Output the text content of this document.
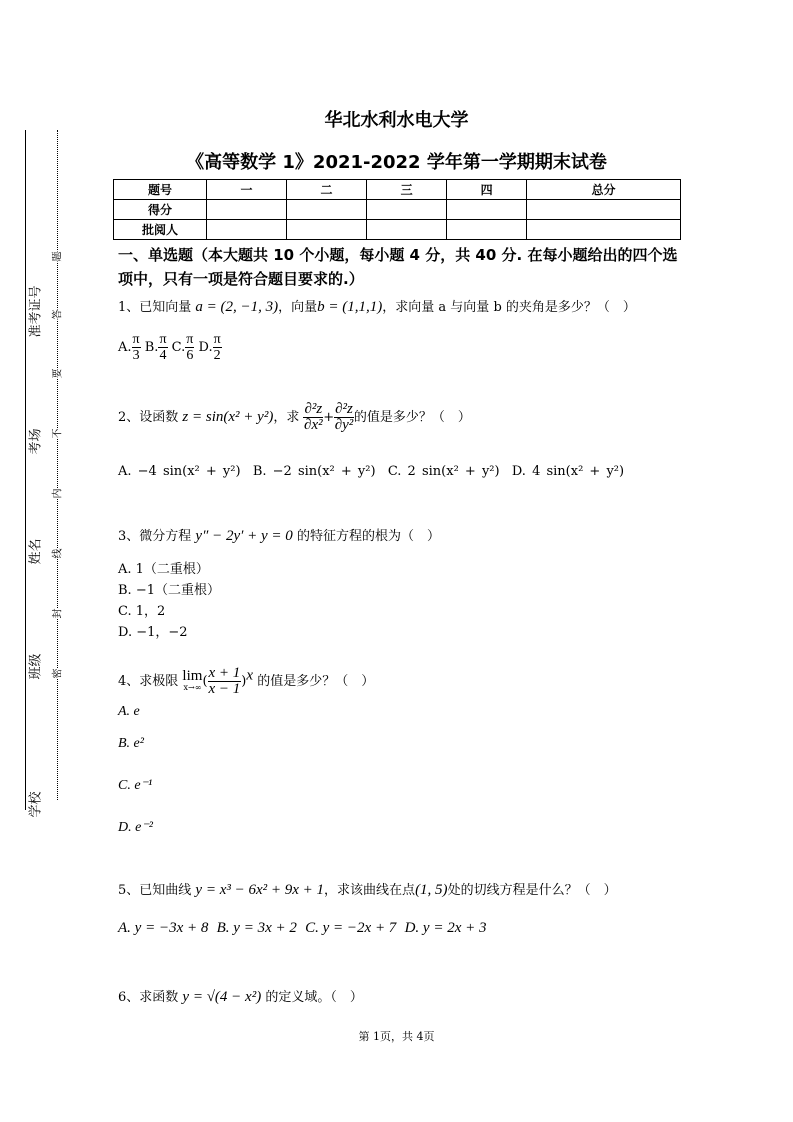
准考证号
考场
姓名
班级
学校
题
答
要
不
内
线
封
密
华北水利水电大学
《高等数学 1》2021-2022 学年第一学期期末试卷
题号	一	二	三	四	总分
得分					
批阅人					
一、单选题（本大题共 10 个小题，每小题 4 分，共 40 分. 在每小题给出的四个选项中，只有一项是符合题目要求的.）
1、已知向量 a = (2, −1, 3)，向量b = (1,1,1)，求向量 a 与向量 b 的夹角是多少？（　）
A. $\frac{\pi}{3} B$. $\frac{\pi}{4} C$. $\frac{\pi}{6} D$. $\frac{\pi}{2}$
2、设函数 z = sin(x² + y²)，求 $\frac{\text{∂²z}}{\text{∂x²}} + \frac{\text{∂²z}}{\text{∂y²}}$ 的值是多少？（　）
A. −4 sin(x² + y²) B. −2 sin(x² + y²) C. 2 sin(x² + y²) D. 4 sin(x² + y²)
3、微分方程 y″ − 2y′ + y = 0 的特征方程的根为（　）
A. 1（二重根）
B. −1（二重根）
C. 1，2
D. −1，−2
4、求极限 lim
x→∞ ( $\frac{x + 1}{x - 1} )^x$ 的值是多少？（　）
A. e
B. e²
C. e⁻¹
D. e⁻²
5、已知曲线 y = x³ − 6x² + 9x + 1，求该曲线在点(1, 5)处的切线方程是什么？（　）
A. y = −3x + 8 B. y = 3x + 2 C. y = −2x + 7 D. y = 2x + 3
6、求函数 y = √(4 − x²) 的定义域。（　）
第 1页，共 4页
